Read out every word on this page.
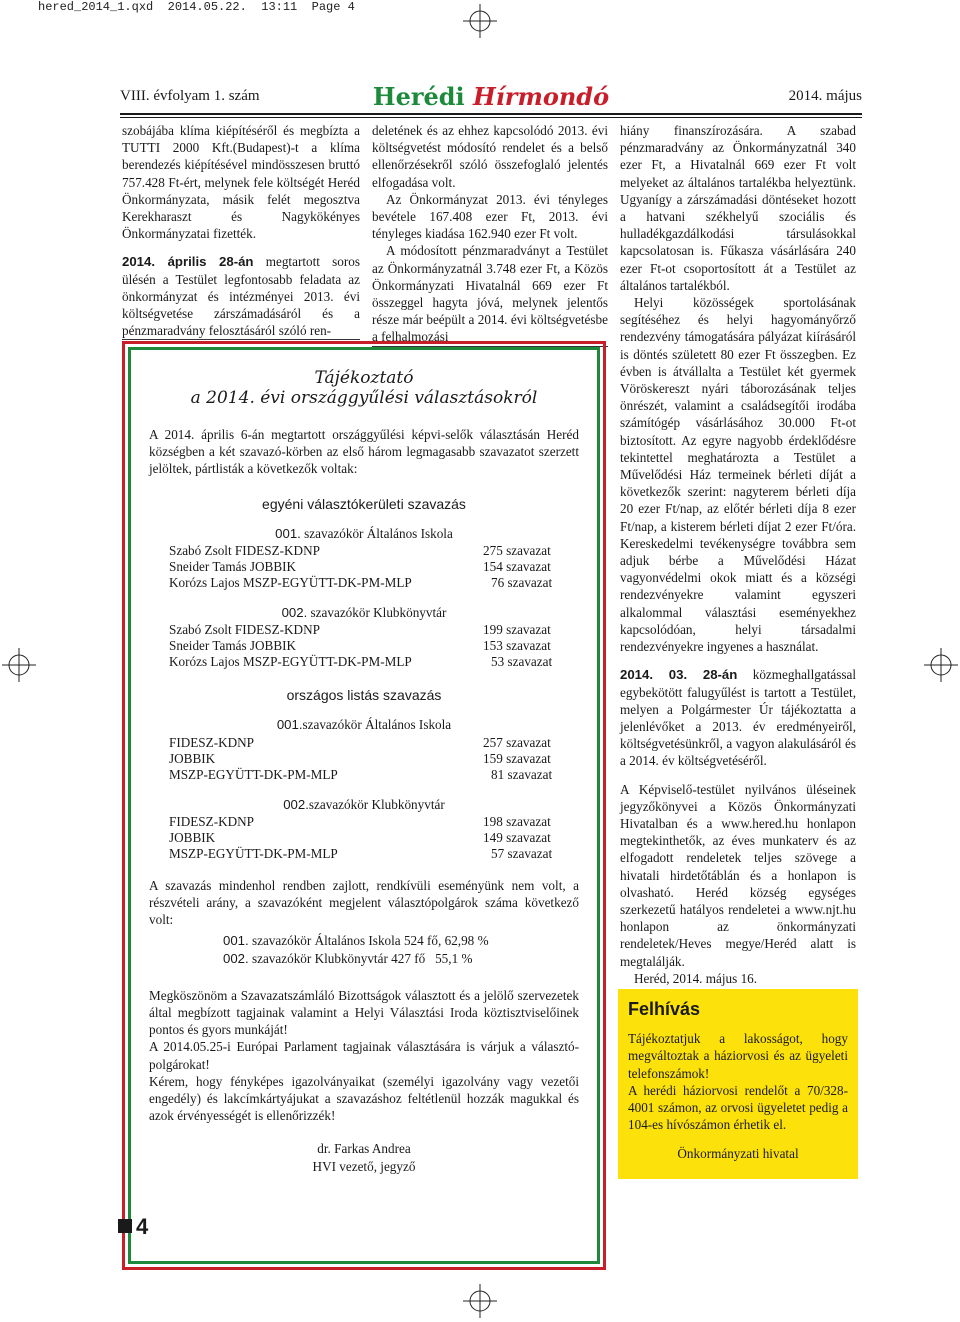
hered_2014_1.qxd  2014.05.22.  13:11  Page 4
VIII. évfolyam 1. szám	Herédi Hírmondó	2014. május

szobájába klíma kiépítéséről és megbízta a TUTTI 2000 Kft.(Budapest)-t a klíma berendezés kiépítésével mindösszesen bruttó 757.428 Ft-ért, melynek fele költségét Heréd Önkormányzata, másik felét megosztva Kerekharaszt és Nagykökényes Önkormányzatai fizették.

2014. április 28-án megtartott soros ülésén a Testület legfontosabb feladata az önkormányzat és intézményei 2013. évi költségvetése zárszámadásáról és a pénzmaradvány felosztásáról szóló ren-

deletének és az ehhez kapcsolódó 2013. évi költségvetést módosító rendelet és a belső ellenőrzésekről szóló összefoglaló jelentés elfogadása volt.

Az Önkormányzat 2013. évi tényleges bevétele 167.408 ezer Ft, 2013. évi tényleges kiadása 162.940 ezer Ft volt.

A módosított pénzmaradványt a Testület az Önkormányzatnál 3.748 ezer Ft, a Közös Önkormányzati Hivatalnál 669 ezer Ft összeggel hagyta jóvá, melynek jelentős része már beépült a 2014. évi költségvetésbe a felhalmozási

Tájékoztató
a 2014. évi országgyűlési választásokról

A 2014. április 6-án megtartott országgyűlési képvi-selők választásán Heréd községben a két szavazó-körben az első három legmagasabb szavazatot szerzett jelöltek, pártlisták a következők voltak:

egyéni választókerületi szavazás
001. szavazókör Általános Iskola
Szabó Zsolt FIDESZ-KDNP	275 szavazat
Sneider Tamás JOBBIK	154 szavazat
Korózs Lajos MSZP-EGYÜTT-DK-PM-MLP	76 szavazat
002. szavazókör Klubkönyvtár
Szabó Zsolt FIDESZ-KDNP	199 szavazat
Sneider Tamás JOBBIK	153 szavazat
Korózs Lajos MSZP-EGYÜTT-DK-PM-MLP	53 szavazat
országos listás szavazás
001.szavazókör Általános Iskola
FIDESZ-KDNP	257 szavazat
JOBBIK	159 szavazat
MSZP-EGYÜTT-DK-PM-MLP	81 szavazat
002.szavazókör Klubkönyvtár
FIDESZ-KDNP	198 szavazat
JOBBIK	149 szavazat
MSZP-EGYÜTT-DK-PM-MLP	57 szavazat

A szavazás mindenhol rendben zajlott, rendkívüli eseményünk nem volt, a részvételi arány, a szavazóként megjelent választópolgárok száma következő volt:

001. szavazókör Általános Iskola 524 fő, 62,98 %
002. szavazókör Klubkönyvtár 427 fő   55,1 %

Megköszönöm a Szavazatszámláló Bizottságok választott és a jelölő szervezetek által megbízott tagjainak valamint a Helyi Választási Iroda köztisztviselőinek pontos és gyors munkáját!

A 2014.05.25-i Európai Parlament tagjainak választására is várjuk a választó-polgárokat!

Kérem, hogy fényképes igazolványaikat (személyi igazolvány vagy vezetői engedély) és lakcímkártyájukat a szavazáshoz feltétlenül hozzák magukkal és azok érvényességét is ellenőrizzék!

dr. Farkas Andrea
HVI vezető, jegyző

hiány finanszírozására. A szabad pénzmaradvány az Önkormányzatnál 340 ezer Ft, a Hivatalnál 669 ezer Ft volt melyeket az általános tartalékba helyeztünk. Ugyanígy a zárszámadási döntéseket hozott a hatvani székhelyű szociális és hulladékgazdálkodási társulásokkal kapcsolatosan is. Fűkasza vásárlására 240 ezer Ft-ot csoportosított át a Testület az általános tartalékból.

Helyi közösségek sportolásának segítéséhez és helyi hagyományőrző rendezvény támogatására pályázat kiírásáról is döntés született 80 ezer Ft összegben. Ez évben is átvállalta a Testület két gyermek Vöröskereszt nyári táborozásának teljes önrészét, valamint a családsegítői irodába számítógép vásárlásához 30.000 Ft-ot biztosított. Az egyre nagyobb érdeklődésre tekintettel meghatározta a Testület a Művelődési Ház termeinek bérleti díját a következők szerint: nagyterem bérleti díja 20 ezer Ft/nap, az előtér bérleti díja 8 ezer Ft/nap, a kisterem bérleti díjat 2 ezer Ft/óra. Kereskedelmi tevékenységre továbbra sem adjuk bérbe a Művelődési Házat vagyonvédelmi okok miatt és a községi rendezvényekre valamint egyszeri alkalommal választási eseményekhez kapcsolódóan, helyi társadalmi rendezvényekre ingyenes a használat.

2014. 03. 28-án közmeghallgatással egybekötött falugyűlést is tartott a Testület, melyen a Polgármester Úr tájékoztatta a jelenlévőket a 2013. év eredményeiről, költségvetésünkről, a vagyon alakulásáról és a 2014. év költségvetéséről.

A Képviselő-testület nyilvános üléseinek jegyzőkönyvei a Közös Önkormányzati Hivatalban és a www.hered.hu honlapon megtekinthetők, az éves munkaterv és az elfogadott rendeletek teljes szövege a hivatali hirdetőtáblán és a honlapon is olvasható. Heréd község egységes szerkezetű hatályos rendeletei a www.njt.hu honlapon az önkormányzati rendeletek/Heves megye/Heréd alatt is megtalálják.

Heréd, 2014. május 16.

Felhívás

Tájékoztatjuk a lakosságot, hogy megváltoztak a háziorvosi és az ügyeleti telefonszámok!

A herédi háziorvosi rendelőt a 70/328-4001 számon, az orvosi ügyeletet pedig a 104-es hívószámon érhetik el.

Önkormányzati hivatal

4
